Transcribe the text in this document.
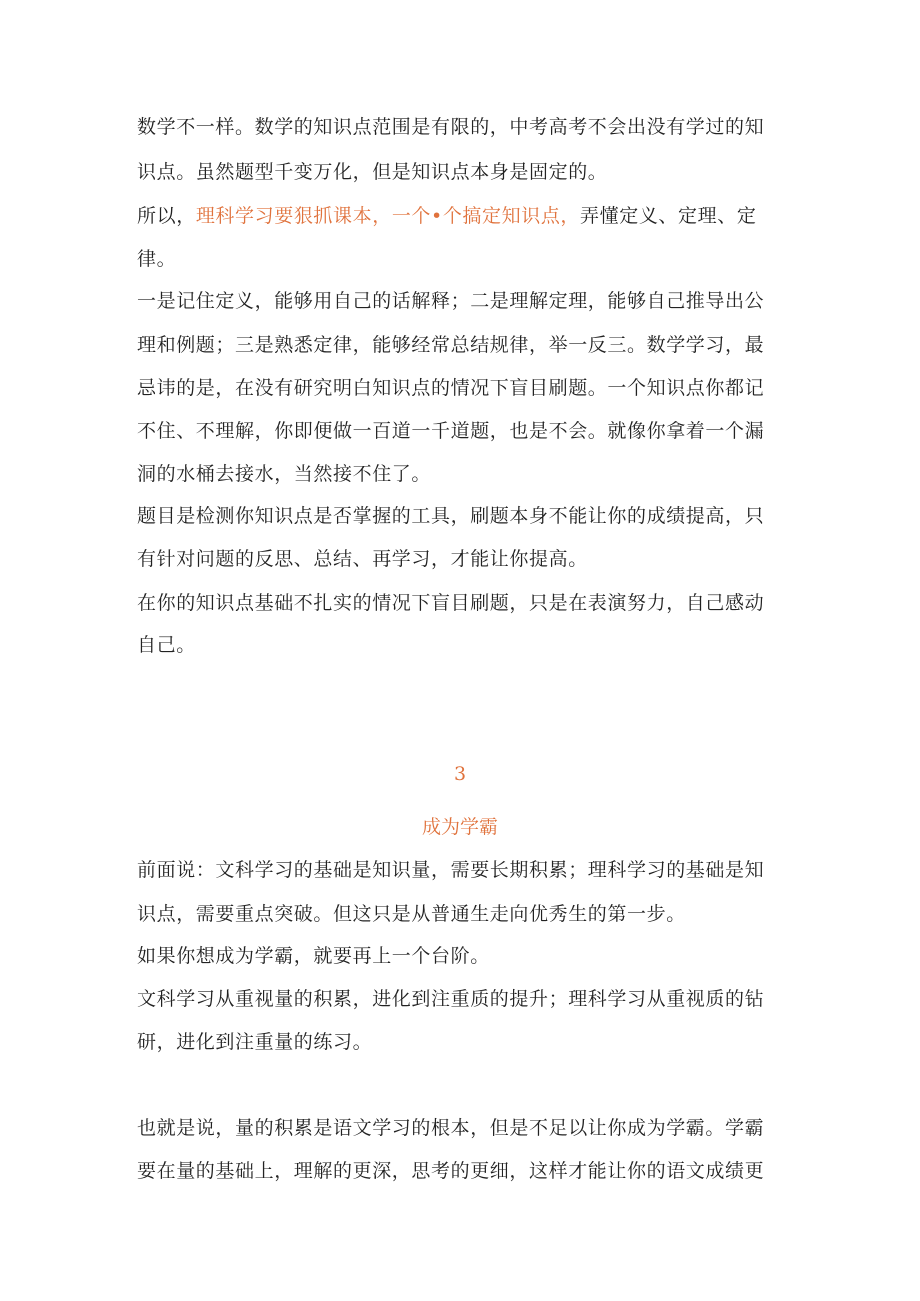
数学不一样。数学的知识点范围是有限的，中考高考不会出没有学过的知
识点。虽然题型千变万化，但是知识点本身是固定的。
所以，理科学习要狠抓课本，一个•个搞定知识点，弄懂定义、定理、定
律。
一是记住定义，能够用自己的话解释；二是理解定理，能够自己推导出公
理和例题；三是熟悉定律，能够经常总结规律，举一反三。数学学习，最
忌讳的是，在没有研究明白知识点的情况下盲目刷题。一个知识点你都记
不住、不理解，你即便做一百道一千道题，也是不会。就像你拿着一个漏
洞的水桶去接水，当然接不住了。
题目是检测你知识点是否掌握的工具，刷题本身不能让你的成绩提高，只
有针对问题的反思、总结、再学习，才能让你提高。
在你的知识点基础不扎实的情况下盲目刷题，只是在表演努力，自己感动
自己。
3
成为学霸
前面说：文科学习的基础是知识量，需要长期积累；理科学习的基础是知
识点，需要重点突破。但这只是从普通生走向优秀生的第一步。
如果你想成为学霸，就要再上一个台阶。
文科学习从重视量的积累，进化到注重质的提升；理科学习从重视质的钻
研，进化到注重量的练习。
也就是说，量的积累是语文学习的根本，但是不足以让你成为学霸。学霸
要在量的基础上，理解的更深，思考的更细，这样才能让你的语文成绩更
